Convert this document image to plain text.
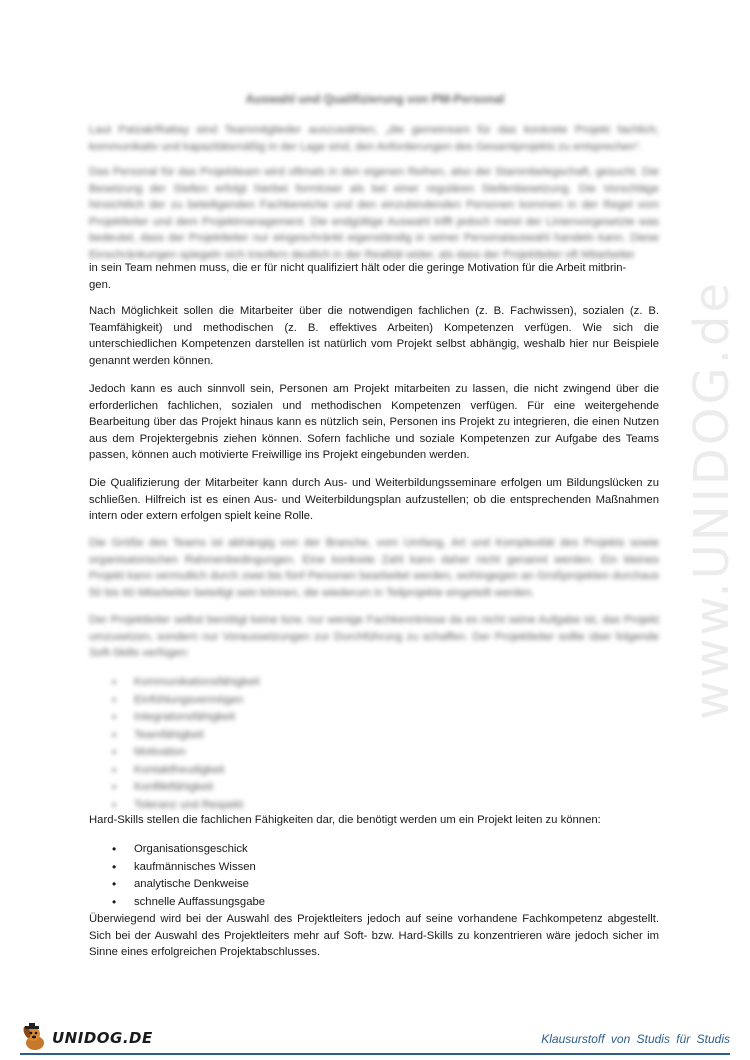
www.UNIDOG.de
Auswahl und Qualifizierung von PM-Personal

Laut Patzak/Rattay sind Teammitglieder auszuwählen, „die gemeinsam für das konkrete Projekt fachlich, kommunikativ und kapazitätsmäßig in der Lage sind, den Anforderungen des Gesamtprojekts zu entsprechen“.

Das Personal für das Projektteam wird oftmals in den eigenen Reihen, also der Stammbelegschaft, gesucht. Die Besetzung der Stellen erfolgt hierbei formloser als bei einer regulären Stellenbesetzung. Die Vorschläge hinsichtlich der zu beteiligenden Fachbereiche und den einzubindenden Personen kommen in der Regel vom Projektleiter und dem Projektmanagement. Die endgültige Auswahl trifft jedoch meist der Linienvorgesetzte was bedeutet, dass der Projektleiter nur eingeschränkt eigenständig in seiner Personalauswahl handeln kann. Diese Einschränkungen spiegeln sich insofern deutlich in der Realität wider, als dass der Projektleiter oft Mitarbeiter

in sein Team nehmen muss, die er für nicht qualifiziert hält oder die geringe Motivation für die Arbeit mitbrin-
gen.

Nach Möglichkeit sollen die Mitarbeiter über die notwendigen fachlichen (z. B. Fachwissen), sozialen (z. B. Teamfähigkeit) und methodischen (z. B. effektives Arbeiten) Kompetenzen verfügen. Wie sich die unterschiedlichen Kompetenzen darstellen ist natürlich vom Projekt selbst abhängig, weshalb hier nur Beispiele genannt werden können.

Jedoch kann es auch sinnvoll sein, Personen am Projekt mitarbeiten zu lassen, die nicht zwingend über die erforderlichen fachlichen, sozialen und methodischen Kompetenzen verfügen. Für eine weitergehende Bearbeitung über das Projekt hinaus kann es nützlich sein, Personen ins Projekt zu integrieren, die einen Nutzen aus dem Projektergebnis ziehen können. Sofern fachliche und soziale Kompetenzen zur Aufgabe des Teams passen, können auch motivierte Freiwillige ins Projekt eingebunden werden.

Die Qualifizierung der Mitarbeiter kann durch Aus- und Weiterbildungsseminare erfolgen um Bildungslücken zu schließen. Hilfreich ist es einen Aus- und Weiterbildungsplan aufzustellen; ob die entsprechenden Maßnahmen intern oder extern erfolgen spielt keine Rolle.

Die Größe des Teams ist abhängig von der Branche, vom Umfang, Art und Komplexität des Projekts sowie organisatorischen Rahmenbedingungen. Eine konkrete Zahl kann daher nicht genannt werden. Ein kleines Projekt kann vermutlich durch zwei bis fünf Personen bearbeitet werden, wohingegen an Großprojekten durchaus 50 bis 60 Mitarbeiter beteiligt sein können, die wiederum in Teilprojekte eingeteilt werden.

Der Projektleiter selbst benötigt keine bzw. nur wenige Fachkenntnisse da es nicht seine Aufgabe ist, das Projekt umzusetzen, sondern nur Voraussetzungen zur Durchführung zu schaffen. Der Projektleiter sollte über folgende Soft-Skills verfügen:

• Kommunikationsfähigkeit
• Einfühlungsvermögen
• Integrationsfähigkeit
• Teamfähigkeit
• Motivation
• Kontaktfreudigkeit
• Konfliktfähigkeit
• Toleranz und Respekt

Hard-Skills stellen die fachlichen Fähigkeiten dar, die benötigt werden um ein Projekt leiten zu können:

• Organisationsgeschick
• kaufmännisches Wissen
• analytische Denkweise
• schnelle Auffassungsgabe

Überwiegend wird bei der Auswahl des Projektleiters jedoch auf seine vorhandene Fachkompetenz abgestellt. Sich bei der Auswahl des Projektleiters mehr auf Soft- bzw. Hard-Skills zu konzentrieren wäre jedoch sicher im Sinne eines erfolgreichen Projektabschlusses.

UNIDOG.DE	Klausurstoff von Studis für Studis
